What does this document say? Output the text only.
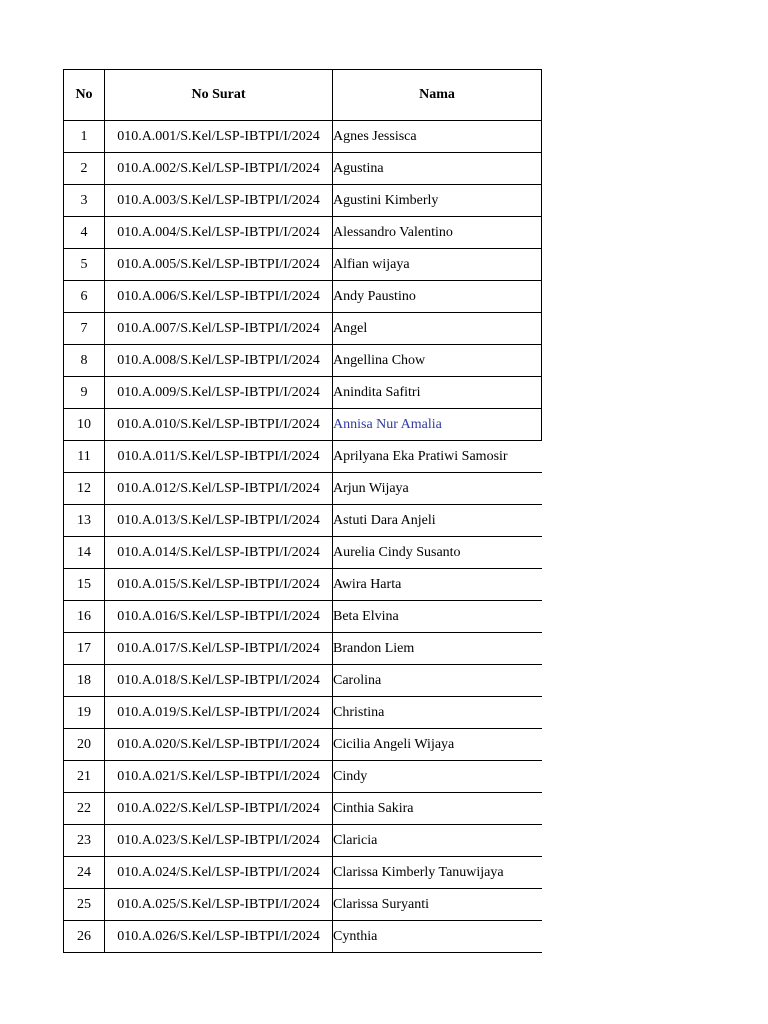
No	No Surat	Nama
1	010.A.001/S.Kel/LSP-IBTPI/I/2024	Agnes Jessisca
2	010.A.002/S.Kel/LSP-IBTPI/I/2024	Agustina
3	010.A.003/S.Kel/LSP-IBTPI/I/2024	Agustini Kimberly
4	010.A.004/S.Kel/LSP-IBTPI/I/2024	Alessandro Valentino
5	010.A.005/S.Kel/LSP-IBTPI/I/2024	Alfian wijaya
6	010.A.006/S.Kel/LSP-IBTPI/I/2024	Andy Paustino
7	010.A.007/S.Kel/LSP-IBTPI/I/2024	Angel
8	010.A.008/S.Kel/LSP-IBTPI/I/2024	Angellina Chow
9	010.A.009/S.Kel/LSP-IBTPI/I/2024	Anindita Safitri
10	010.A.010/S.Kel/LSP-IBTPI/I/2024	Annisa Nur Amalia
11	010.A.011/S.Kel/LSP-IBTPI/I/2024	Aprilyana Eka Pratiwi Samosir
12	010.A.012/S.Kel/LSP-IBTPI/I/2024	Arjun Wijaya
13	010.A.013/S.Kel/LSP-IBTPI/I/2024	Astuti Dara Anjeli
14	010.A.014/S.Kel/LSP-IBTPI/I/2024	Aurelia Cindy Susanto
15	010.A.015/S.Kel/LSP-IBTPI/I/2024	Awira Harta
16	010.A.016/S.Kel/LSP-IBTPI/I/2024	Beta Elvina
17	010.A.017/S.Kel/LSP-IBTPI/I/2024	Brandon Liem
18	010.A.018/S.Kel/LSP-IBTPI/I/2024	Carolina
19	010.A.019/S.Kel/LSP-IBTPI/I/2024	Christina
20	010.A.020/S.Kel/LSP-IBTPI/I/2024	Cicilia Angeli Wijaya
21	010.A.021/S.Kel/LSP-IBTPI/I/2024	Cindy
22	010.A.022/S.Kel/LSP-IBTPI/I/2024	Cinthia Sakira
23	010.A.023/S.Kel/LSP-IBTPI/I/2024	Claricia
24	010.A.024/S.Kel/LSP-IBTPI/I/2024	Clarissa Kimberly Tanuwijaya
25	010.A.025/S.Kel/LSP-IBTPI/I/2024	Clarissa Suryanti
26	010.A.026/S.Kel/LSP-IBTPI/I/2024	Cynthia
